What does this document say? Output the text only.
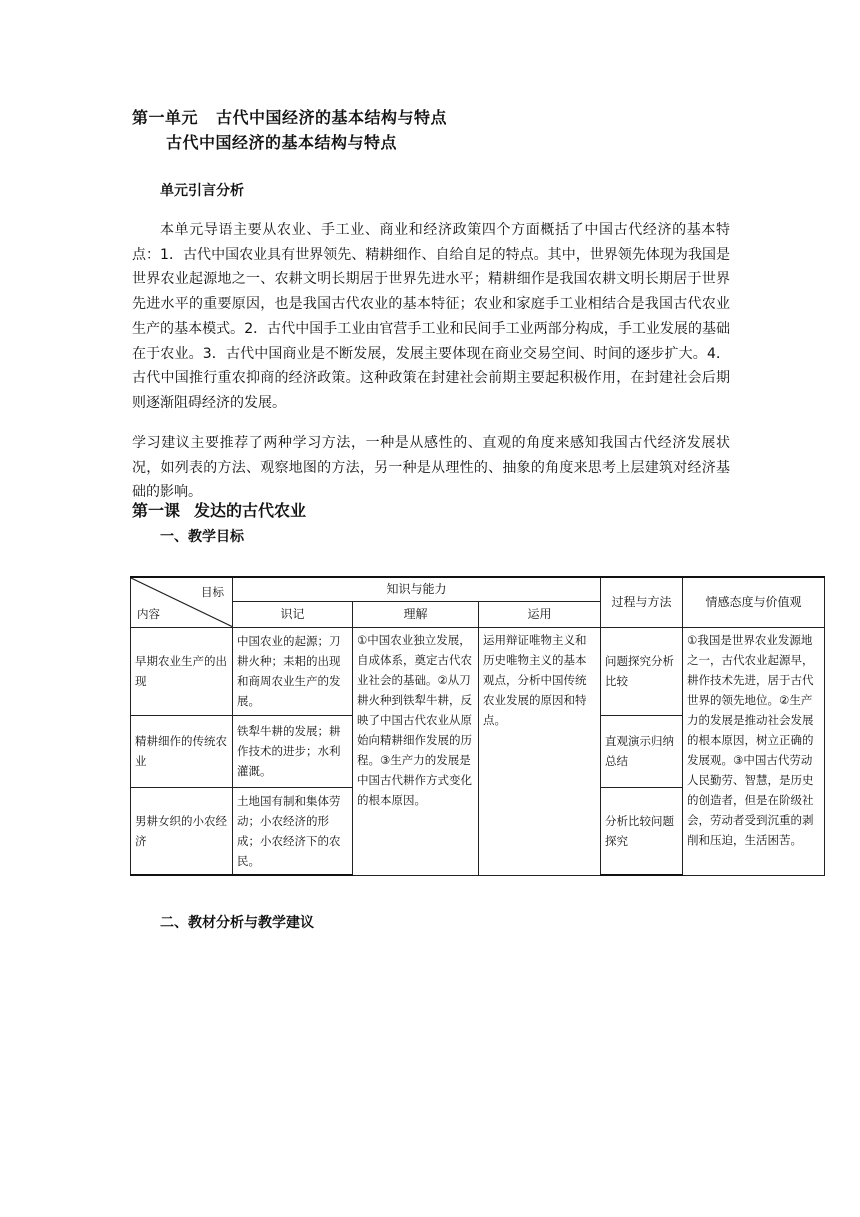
第一单元 古代中国经济的基本结构与特点
古代中国经济的基本结构与特点
单元引言分析
本单元导语主要从农业、手工业、商业和经济政策四个方面概括了中国古代经济的基本特点：1．古代中国农业具有世界领先、精耕细作、自给自足的特点。其中，世界领先体现为我国是世界农业起源地之一、农耕文明长期居于世界先进水平；精耕细作是我国农耕文明长期居于世界先进水平的重要原因，也是我国古代农业的基本特征；农业和家庭手工业相结合是我国古代农业生产的基本模式。2．古代中国手工业由官营手工业和民间手工业两部分构成，手工业发展的基础在于农业。3．古代中国商业是不断发展，发展主要体现在商业交易空间、时间的逐步扩大。4．古代中国推行重农抑商的经济政策。这种政策在封建社会前期主要起积极作用，在封建社会后期则逐渐阻碍经济的发展。
学习建议主要推荐了两种学习方法，一种是从感性的、直观的角度来感知我国古代经济发展状况，如列表的方法、观察地图的方法，另一种是从理性的、抽象的角度来思考上层建筑对经济基础的影响。
第一课 发达的古代农业
一、教学目标
目标
内容	知识与能力			过程与方法	情感态度与价值观
	识记	理解	运用		
早期农业生产的出现	中国农业的起源；刀耕火种；耒耜的出现和商周农业生产的发展。	①中国农业独立发展，自成体系，奠定古代农业社会的基础。②从刀耕火种到铁犁牛耕，反映了中国古代农业从原始向精耕细作发展的历程。③生产力的发展是中国古代耕作方式变化的根本原因。	运用辩证唯物主义和历史唯物主义的基本观点，分析中国传统农业发展的原因和特点。	问题探究分析比较	①我国是世界农业发源地之一，古代农业起源早，耕作技术先进，居于古代世界的领先地位。②生产力的发展是推动社会发展的根本原因，树立正确的发展观。③中国古代劳动人民勤劳、智慧，是历史的创造者，但是在阶级社会，劳动者受到沉重的剥削和压迫，生活困苦。
精耕细作的传统农业	铁犁牛耕的发展；耕作技术的进步；水利灌溉。			直观演示归纳总结	
男耕女织的小农经济	土地国有制和集体劳动；小农经济的形成；小农经济下的农民。			分析比较问题探究	
二、教材分析与教学建议
